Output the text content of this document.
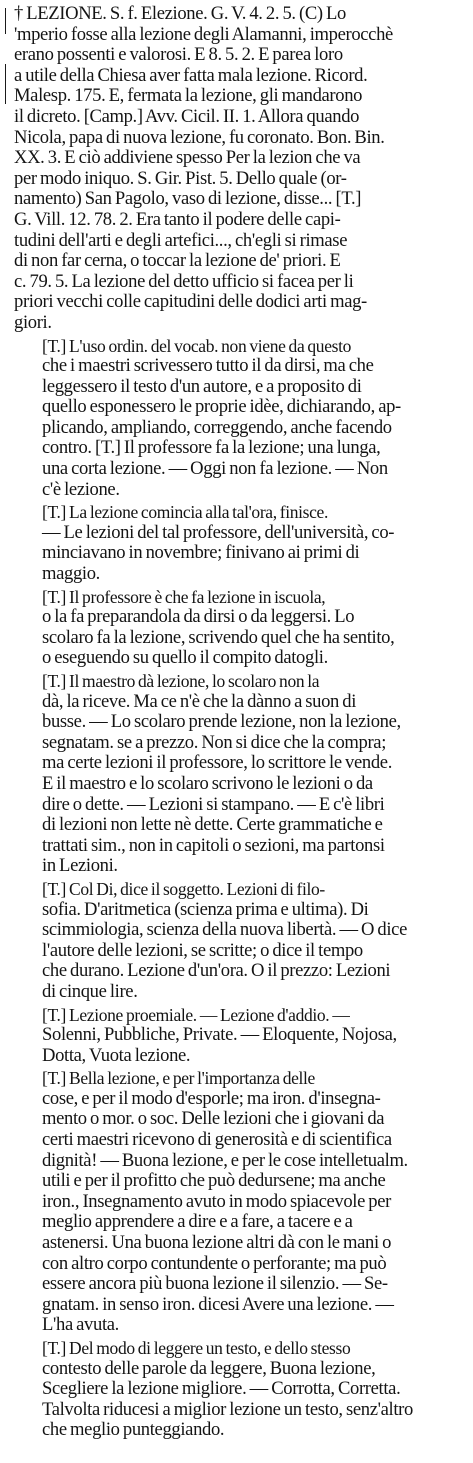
† LEZIONE. S. f. Elezione. G. V. 4. 2. 5. (C) Lo
'mperio fosse alla lezione degli Alamanni, imperocchè
erano possenti e valorosi. E 8. 5. 2. E parea loro
a utile della Chiesa aver fatta mala lezione. Ricord.
Malesp. 175. E, fermata la lezione, gli mandarono
il dicreto. [Camp.] Avv. Cicil. II. 1. Allora quando
Nicola, papa di nuova lezione, fu coronato. Bon. Bin.
XX. 3. E ciò addiviene spesso Per la lezion che va
per modo iniquo. S. Gir. Pist. 5. Dello quale (or-
namento) San Pagolo, vaso di lezione, disse... [T.]
G. Vill. 12. 78. 2. Era tanto il podere delle capi-
tudini dell'arti e degli artefici..., ch'egli si rimase
di non far cerna, o toccar la lezione de' priori. E
c. 79. 5. La lezione del detto ufficio si facea per li
priori vecchi colle capitudini delle dodici arti mag-
giori.

[T.] L'uso ordin. del vocab. non viene da questo
che i maestri scrivessero tutto il da dirsi, ma che
leggessero il testo d'un autore, e a proposito di
quello esponessero le proprie idèe, dichiarando, ap-
plicando, ampliando, correggendo, anche facendo
contro. [T.] Il professore fa la lezione; una lunga,
una corta lezione. — Oggi non fa lezione. — Non
c'è lezione.

[T.] La lezione comincia alla tal'ora, finisce.
— Le lezioni del tal professore, dell'università, co-
minciavano in novembre; finivano ai primi di
maggio.

[T.] Il professore è che fa lezione in iscuola,
o la fa preparandola da dirsi o da leggersi. Lo
scolaro fa la lezione, scrivendo quel che ha sentito,
o eseguendo su quello il compito datogli.

[T.] Il maestro dà lezione, lo scolaro non la
dà, la riceve. Ma ce n'è che la dànno a suon di
busse. — Lo scolaro prende lezione, non la lezione,
segnatam. se a prezzo. Non si dice che la compra;
ma certe lezioni il professore, lo scrittore le vende.
E il maestro e lo scolaro scrivono le lezioni o da
dire o dette. — Lezioni si stampano. — E c'è libri
di lezioni non lette nè dette. Certe grammatiche e
trattati sim., non in capitoli o sezioni, ma partonsi
in Lezioni.

[T.] Col Di, dice il soggetto. Lezioni di filo-
sofia. D'aritmetica (scienza prima e ultima). Di
scimmiologia, scienza della nuova libertà. — O dice
l'autore delle lezioni, se scritte; o dice il tempo
che durano. Lezione d'un'ora. O il prezzo: Lezioni
di cinque lire.

[T.] Lezione proemiale. — Lezione d'addio. —
Solenni, Pubbliche, Private. — Eloquente, Nojosa,
Dotta, Vuota lezione.

[T.] Bella lezione, e per l'importanza delle
cose, e per il modo d'esporle; ma iron. d'insegna-
mento o mor. o soc. Delle lezioni che i giovani da
certi maestri ricevono di generosità e di scientifica
dignità! — Buona lezione, e per le cose intelletualm.
utili e per il profitto che può dedursene; ma anche
iron., Insegnamento avuto in modo spiacevole per
meglio apprendere a dire e a fare, a tacere e a
astenersi. Una buona lezione altri dà con le mani o
con altro corpo contundente o perforante; ma può
essere ancora più buona lezione il silenzio. — Se-
gnatam. in senso iron. dicesi Avere una lezione. —
L'ha avuta.

[T.] Del modo di leggere un testo, e dello stesso
contesto delle parole da leggere, Buona lezione,
Scegliere la lezione migliore. — Corrotta, Corretta.
Talvolta riducesi a miglior lezione un testo, senz'altro
che meglio punteggiando.
